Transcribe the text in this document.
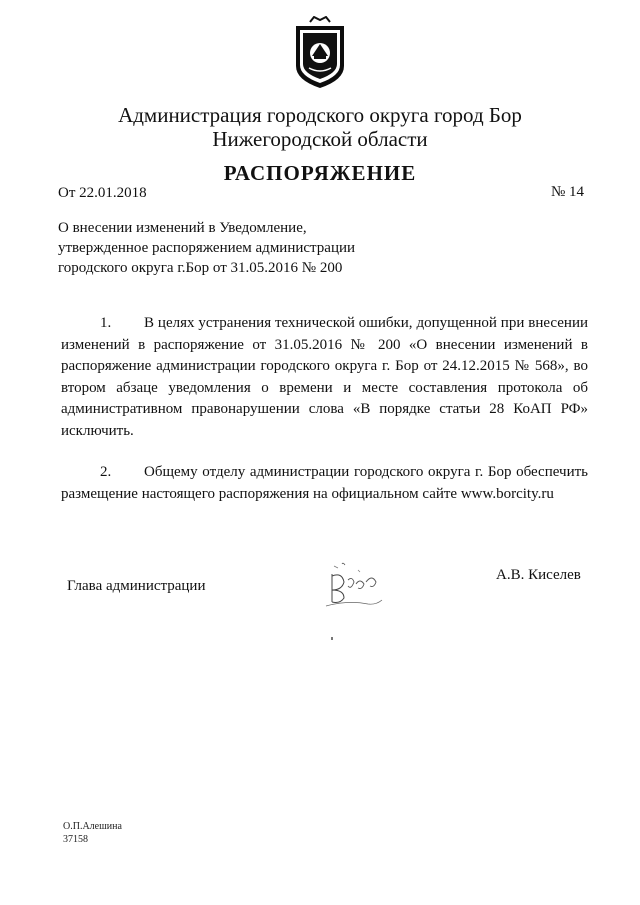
Администрация городского округа город Бор
Нижегородской области
РАСПОРЯЖЕНИЕ
От 22.01.2018	№ 14
О внесении изменений в Уведомление,
утвержденное распоряжением администрации
городского округа г.Бор от 31.05.2016 № 200
1. В целях устранения технической ошибки, допущенной при внесении
изменений в распоряжение от 31.05.2016 № 200 «О внесении изменений в
распоряжение администрации городского округа г. Бор от 24.12.2015 № 568», во
втором абзаце уведомления о времени и месте составления протокола об
административном правонарушении слова «В порядке статьи 28 КоАП РФ»
исключить.
2. Общему отделу администрации городского округа г. Бор обеспечить
размещение настоящего распоряжения на официальном сайте www.borcity.ru
Глава администрации
А.В. Киселев
О.П.Алешина
37158
